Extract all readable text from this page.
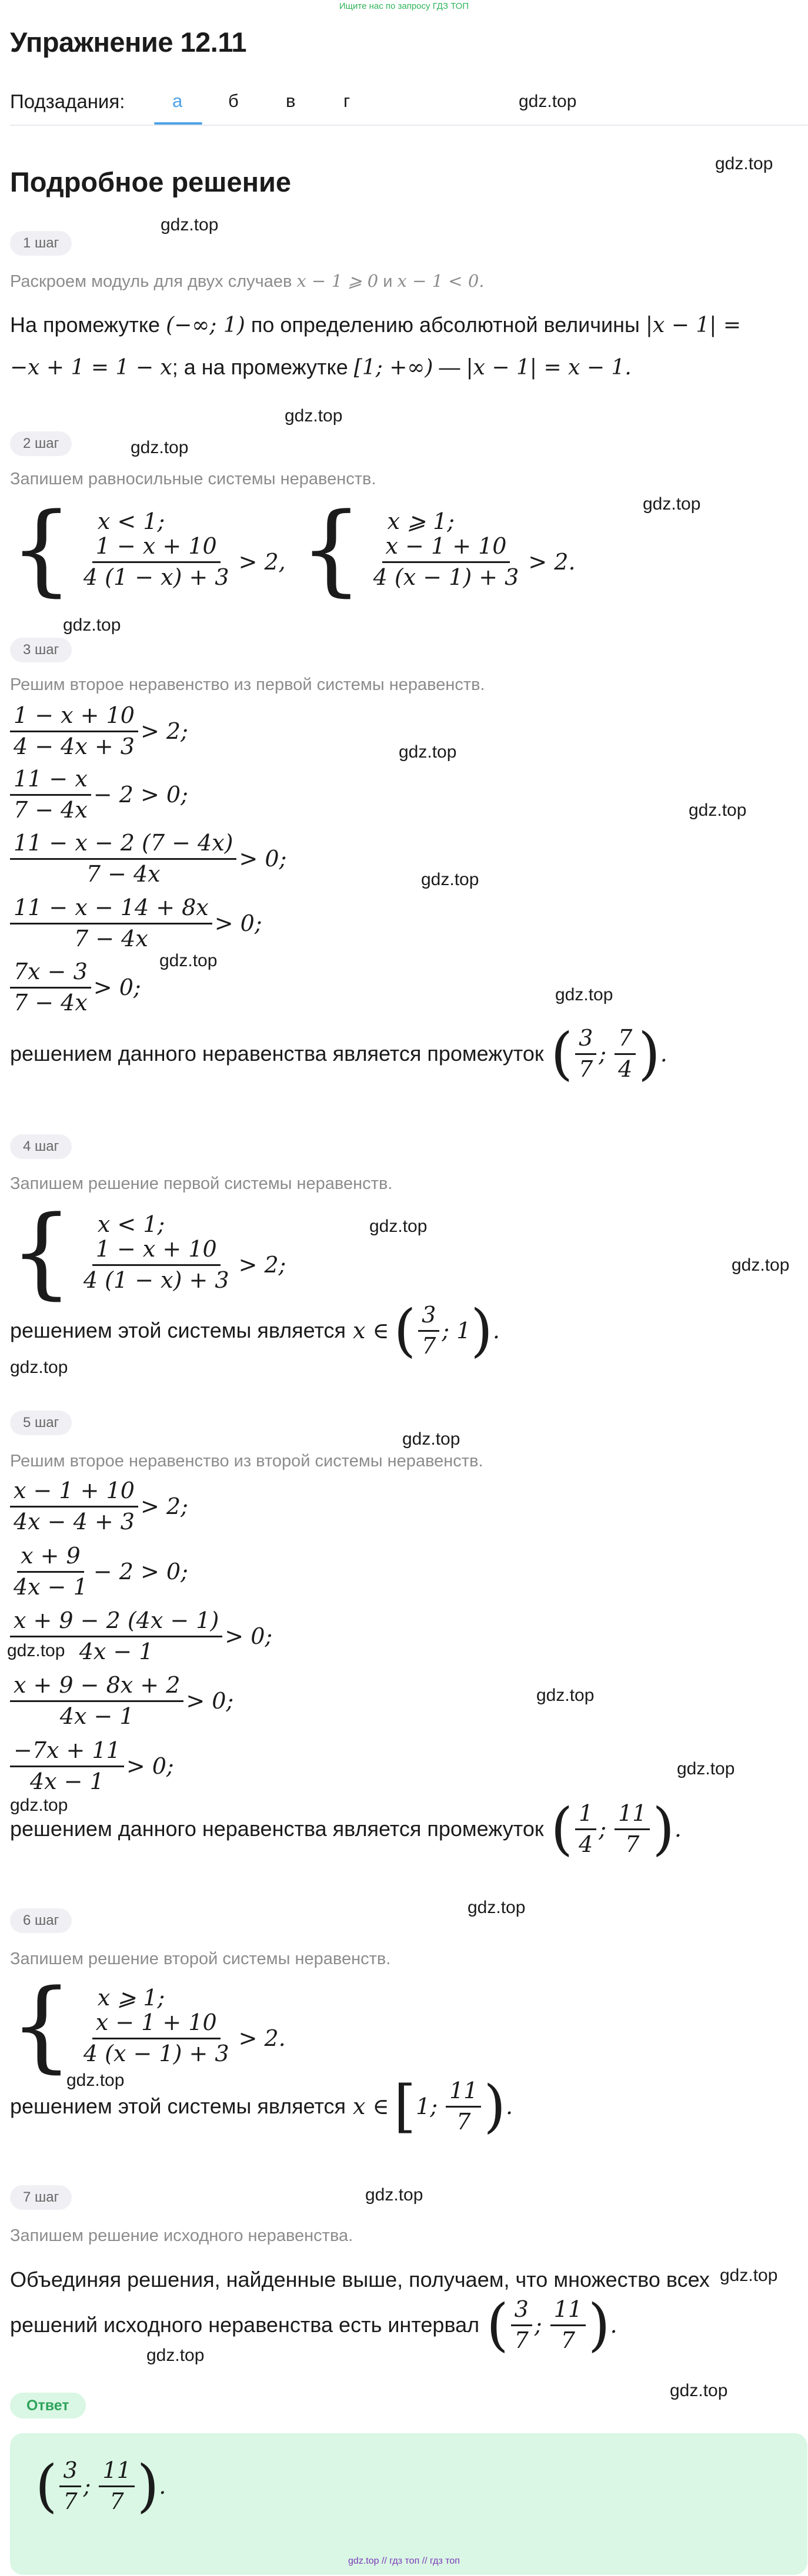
Ищите нас по запросу ГДЗ ТОП
Упражнение 12.11
Подзадания:	а	б	в	г
Подробное решение
gdz.top
gdz.top
gdz.top
gdz.top
gdz.top
gdz.top
gdz.top
gdz.top
gdz.top
gdz.top
gdz.top
gdz.top
gdz.top
gdz.top
gdz.top
gdz.top
gdz.top
gdz.top
gdz.top
gdz.top
gdz.top
gdz.top
gdz.top
gdz.top
gdz.top
gdz.top
1 шаг
Раскроем модуль для двух случаев x − 1 ⩾ 0 и x − 1 < 0.
На промежутке (−∞; 1) по определению абсолютной величины |x − 1| =
−x + 1 = 1 − x; а на промежутке [1; +∞) — |x − 1| = x − 1.
2 шаг
Запишем равносильные системы неравенств.
{ x < 1;
$\frac{1 - x + 10}{4 (1 - x) + 3} > 2$, { x ⩾ 1;
$\frac{x - 1 + 10}{4 (x - 1) + 3} > 2$.
3 шаг
Решим второе неравенство из первой системы неравенств.
$\frac{1 - x + 10}{4 - 4x + 3} > 2$;
$\frac{11 - x}{7 - 4x} - 2 > 0$;
$\frac{11 - x - 2 (7 - 4x)}{7 - 4x} > 0$;
$\frac{11 - x - 14 + 8x}{7 - 4x} > 0$;
$\frac{7x - 3}{7 - 4x} > 0$;
решением данного неравенства является промежуток ( $\frac{3}{7}$ ; $\frac{7}{4}$ ) .
4 шаг
Запишем решение первой системы неравенств.
{ x < 1;
$\frac{1 - x + 10}{4 (1 - x) + 3} > 2$;
решением этой системы является x ∈ ( $\frac{3}{7}$ ; 1 ) .
5 шаг
Решим второе неравенство из второй системы неравенств.
$\frac{x - 1 + 10}{4x - 4 + 3} > 2$;
$\frac{x + 9}{4x - 1} - 2 > 0$;
$\frac{x + 9 - 2 (4x - 1)}{4x - 1} > 0$;
$\frac{x + 9 - 8x + 2}{4x - 1} > 0$;
$\frac{-7x + 11}{4x - 1} > 0$;
решением данного неравенства является промежуток ( $\frac{1}{4}$ ; $\frac{11}{7}$ ) .
6 шаг
Запишем решение второй системы неравенств.
{ x ⩾ 1;
$\frac{x - 1 + 10}{4 (x - 1) + 3} > 2$.
решением этой системы является x ∈ [ 1; $\frac{11}{7}$ ) .
7 шаг
Запишем решение исходного неравенства.
Объединяя решения, найденные выше, получаем, что множество всех
решений исходного неравенства есть интервал ( $\frac{3}{7}$ ; $\frac{11}{7}$ ) .
Ответ
( $\frac{3}{7}$ ; $\frac{11}{7}$ ) .
gdz.top // гдз топ // гдз топ
